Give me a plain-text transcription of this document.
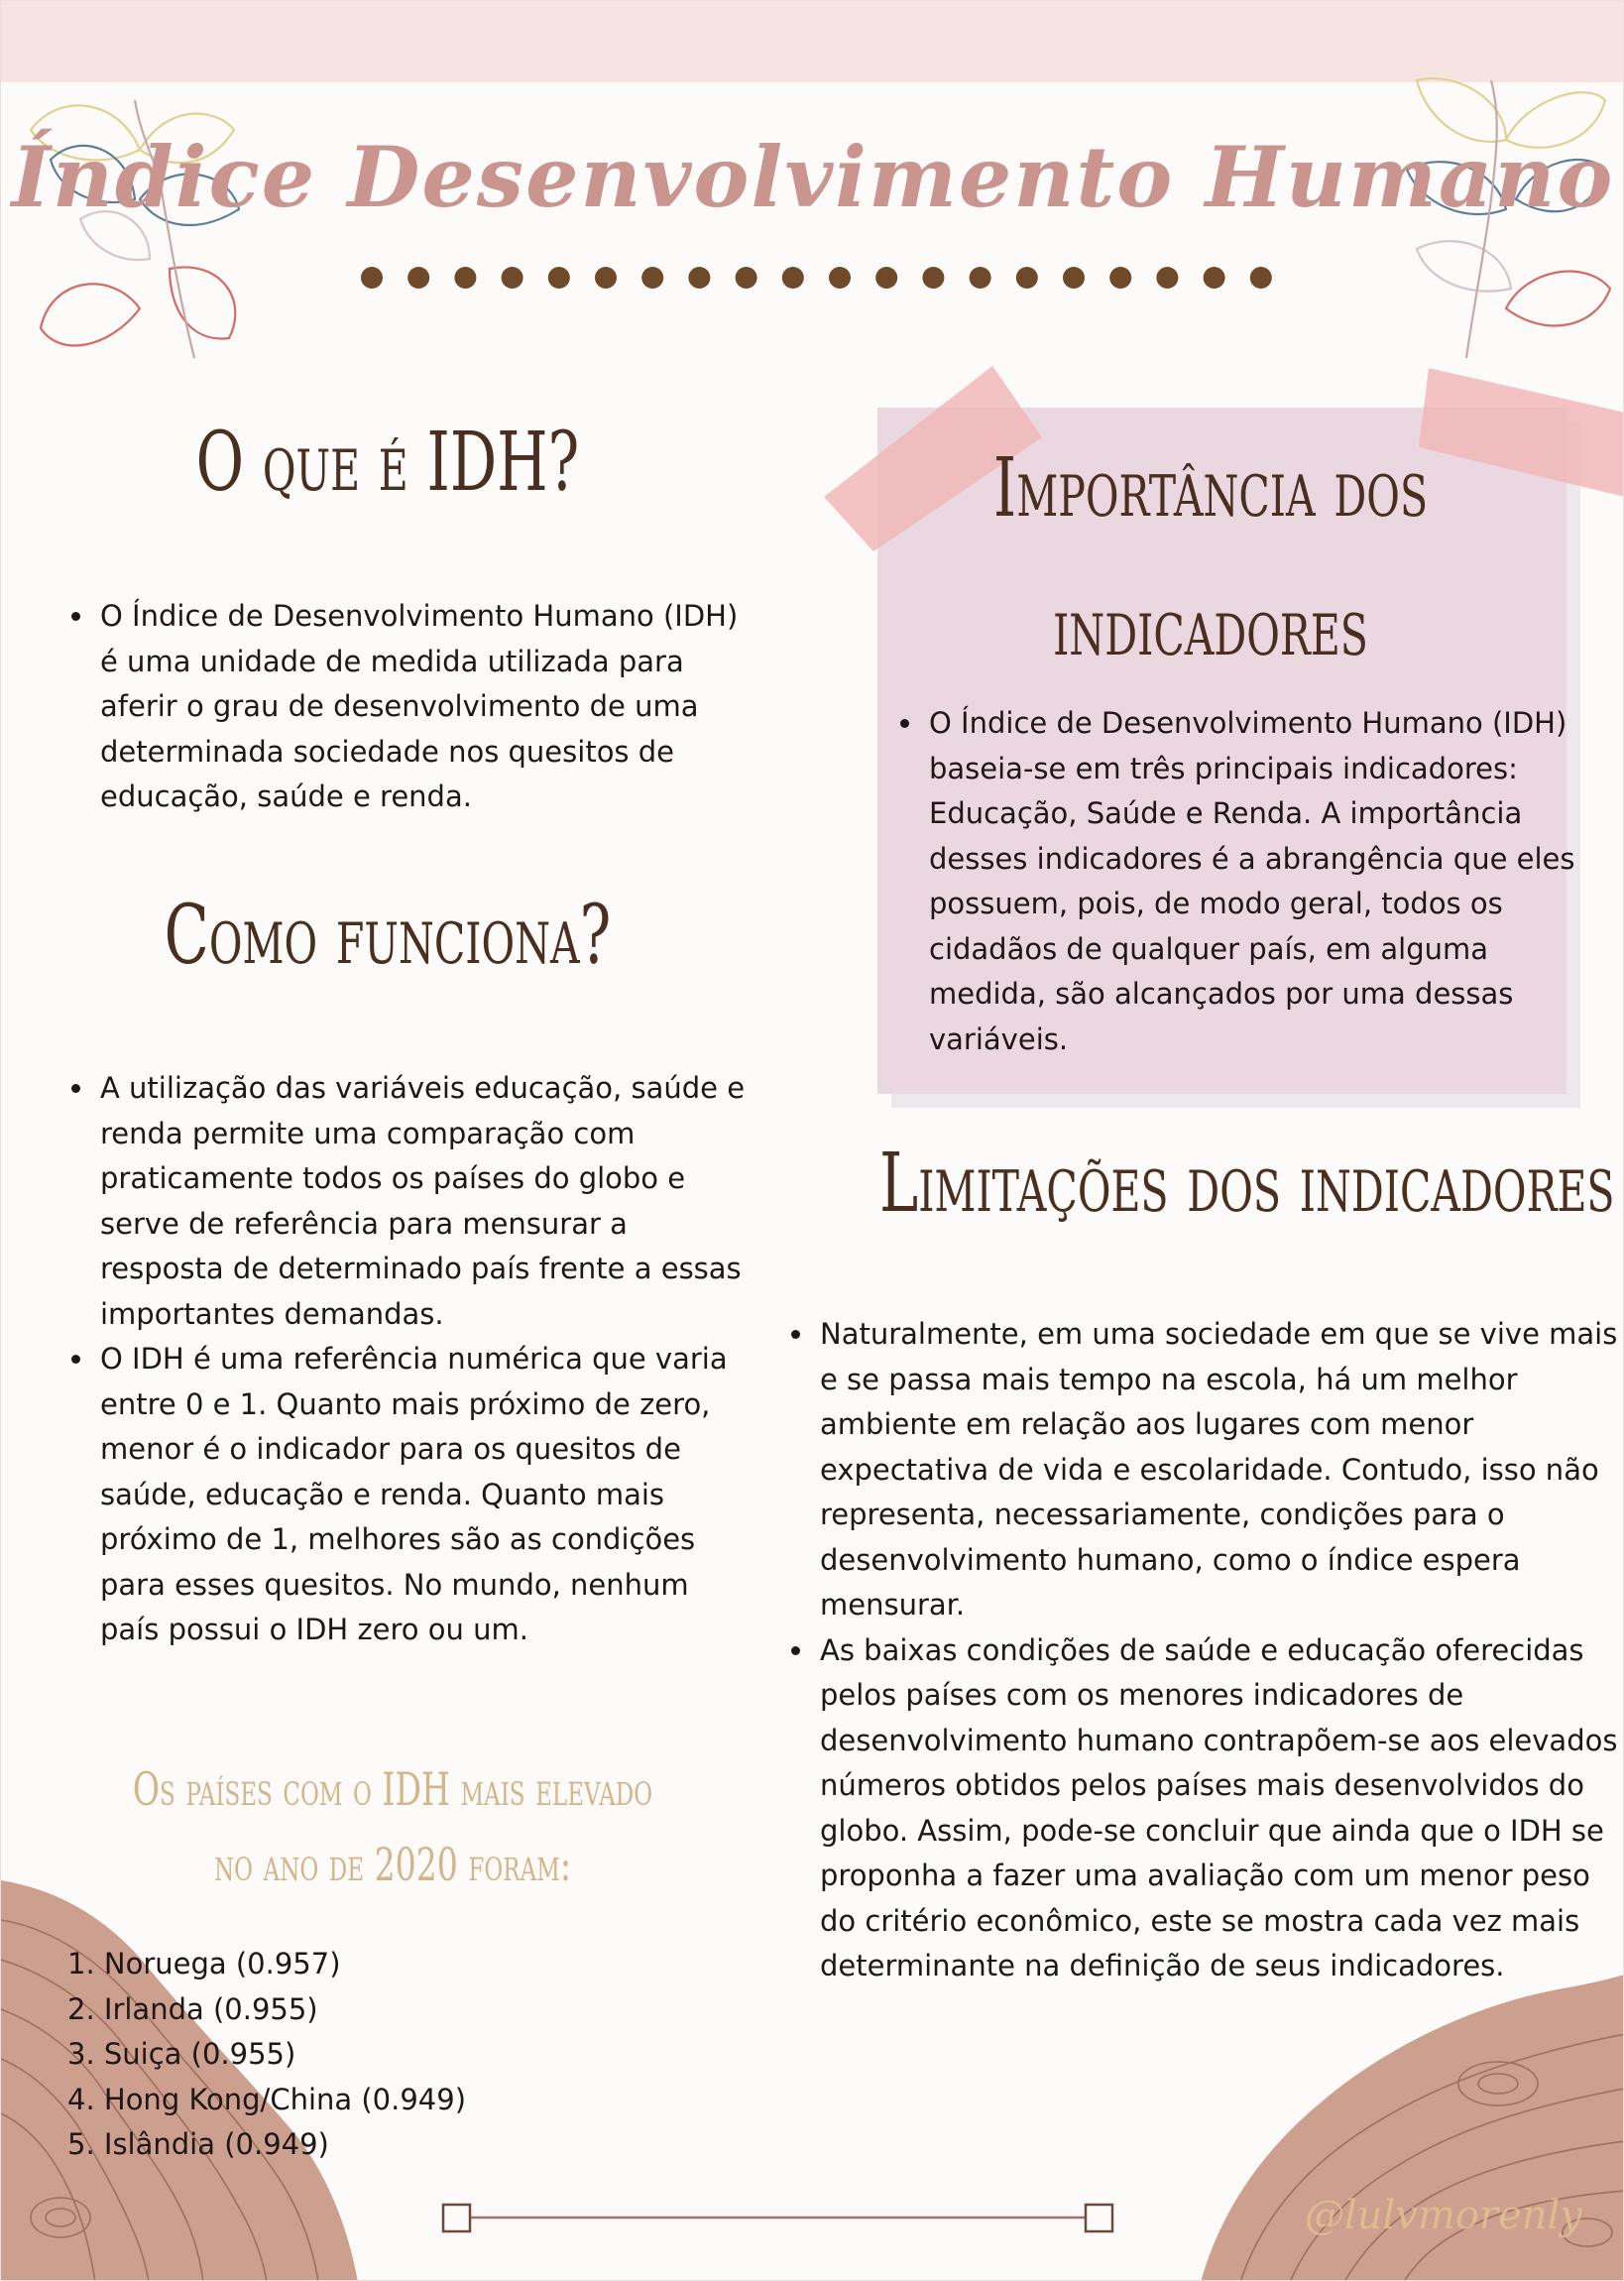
Índice Desenvolvimento Humano
O que é IDH?
• O Índice de Desenvolvimento Humano (IDH) é uma unidade de medida utilizada para aferir o grau de desenvolvimento de uma determinada sociedade nos quesitos de educação, saúde e renda.
Como funciona?
• A utilização das variáveis educação, saúde e renda permite uma comparação com praticamente todos os países do globo e serve de referência para mensurar a resposta de determinado país frente a essas importantes demandas.
• O IDH é uma referência numérica que varia entre 0 e 1. Quanto mais próximo de zero, menor é o indicador para os quesitos de saúde, educação e renda. Quanto mais próximo de 1, melhores são as condições para esses quesitos. No mundo, nenhum país possui o IDH zero ou um.
Importância dos indicadores
• O Índice de Desenvolvimento Humano (IDH) baseia-se em três principais indicadores: Educação, Saúde e Renda. A importância desses indicadores é a abrangência que eles possuem, pois, de modo geral, todos os cidadãos de qualquer país, em alguma medida, são alcançados por uma dessas variáveis.
Limitações dos indicadores
• Naturalmente, em uma sociedade em que se vive mais e se passa mais tempo na escola, há um melhor ambiente em relação aos lugares com menor expectativa de vida e escolaridade. Contudo, isso não representa, necessariamente, condições para o desenvolvimento humano, como o índice espera mensurar.
• As baixas condições de saúde e educação oferecidas pelos países com os menores indicadores de desenvolvimento humano contrapõem-se aos elevados números obtidos pelos países mais desenvolvidos do globo. Assim, pode-se concluir que ainda que o IDH se proponha a fazer uma avaliação com um menor peso do critério econômico, este se mostra cada vez mais determinante na definição de seus indicadores.
Os países com o IDH mais elevado no ano de 2020 foram:
1. Noruega (0.957)
2. Irlanda (0.955)
3. Suiça (0.955)
4. Hong Kong/China (0.949)
5. Islândia (0.949)
@lulvmorenly
